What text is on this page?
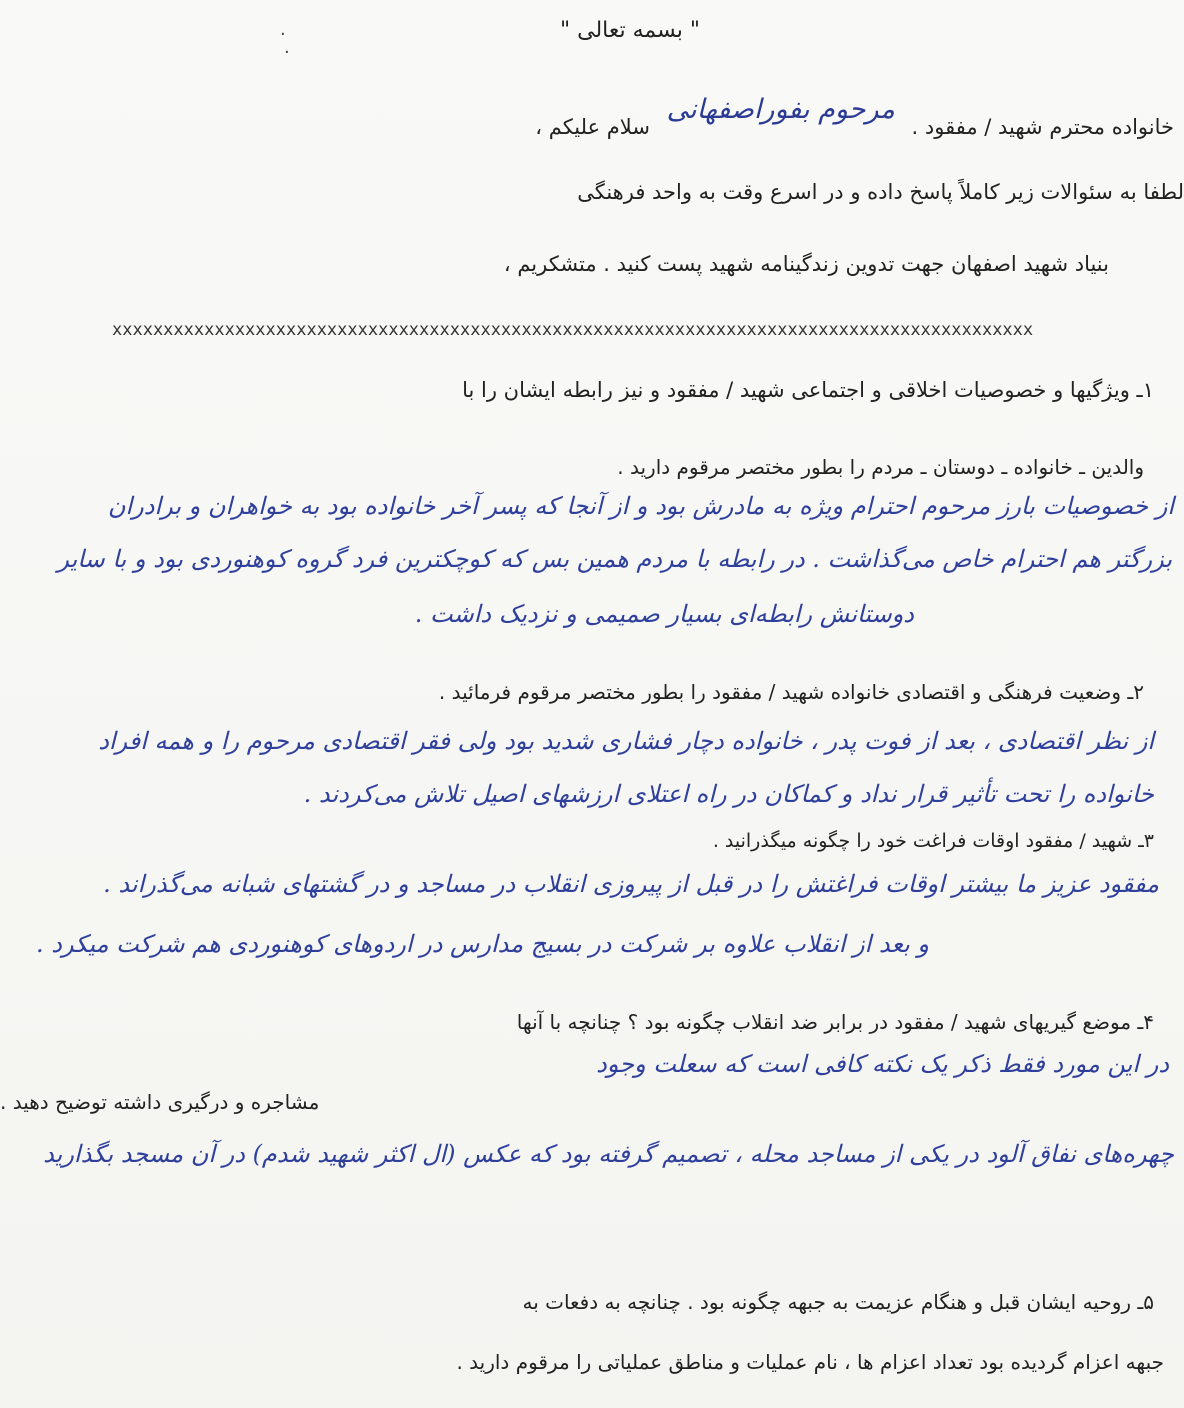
" بسمه تعالی "
·
·
خانواده محترم شهید / مفقود . مرحوم بفوراصفهانی سلام علیکم ،
لطفا به سئوالات زیر کاملاً پاسخ داده و در اسرع وقت به واحد فرهنگی
بنیاد شهید اصفهان جهت تدوین زندگینامه شهید پست کنید . متشکریم ،
xxxxxxxxxxxxxxxxxxxxxxxxxxxxxxxxxxxxxxxxxxxxxxxxxxxxxxxxxxxxxxxxxxxxxxxxxxxxxxxxxxxxxxxxxx
۱ـ ویژگیها و خصوصیات اخلاقی و اجتماعی شهید / مفقود و نیز رابطه ایشان را با
والدین ـ خانواده ـ دوستان ـ مردم را بطور مختصر مرقوم دارید .
از خصوصیات بارز مرحوم احترام ویژه به مادرش بود و از آنجا که پسر آخر خانواده بود به خواهران و برادران
بزرگتر هم احترام خاص می‌گذاشت . در رابطه با مردم همین بس که کوچکترین فرد گروه کوهنوردی بود و با سایر
دوستانش رابطه‌ای بسیار صمیمی و نزدیک داشت .
۲ـ وضعیت فرهنگی و اقتصادی خانواده شهید / مفقود را بطور مختصر مرقوم فرمائید .
از نظر اقتصادی ، بعد از فوت پدر ، خانواده دچار فشاری شدید بود ولی فقر اقتصادی مرحوم را و همه افراد
خانواده را تحت تأثیر قرار نداد و کماکان در راه اعتلای ارزشهای اصیل تلاش می‌کردند .
۳ـ شهید / مفقود اوقات فراغت خود را چگونه میگذرانید .
مفقود عزیز ما بیشتر اوقات فراغتش را در قبل از پیروزی انقلاب در مساجد و در گشتهای شبانه می‌گذراند .
و بعد از انقلاب علاوه بر شرکت در بسیج مدارس در اردوهای کوهنوردی هم شرکت میکرد .
۴ـ موضع گیریهای شهید / مفقود در برابر ضد انقلاب چگونه بود ؟ چنانچه با آنها
در این مورد فقط ذکر یک نکته کافی است که سعلت وجود
مشاجره و درگیری داشته توضیح دهید .
چهره‌های نفاق آلود در یکی از مساجد محله ، تصمیم گرفته بود که عکس (ال اکثر شهید شدم) در آن مسجد بگذارید
۵ـ روحیه ایشان قبل و هنگام عزیمت به جبهه چگونه بود . چنانچه به دفعات به
جبهه اعزام گردیده بود تعداد اعزام ها ، نام عملیات و مناطق عملیاتی را مرقوم دارید .
